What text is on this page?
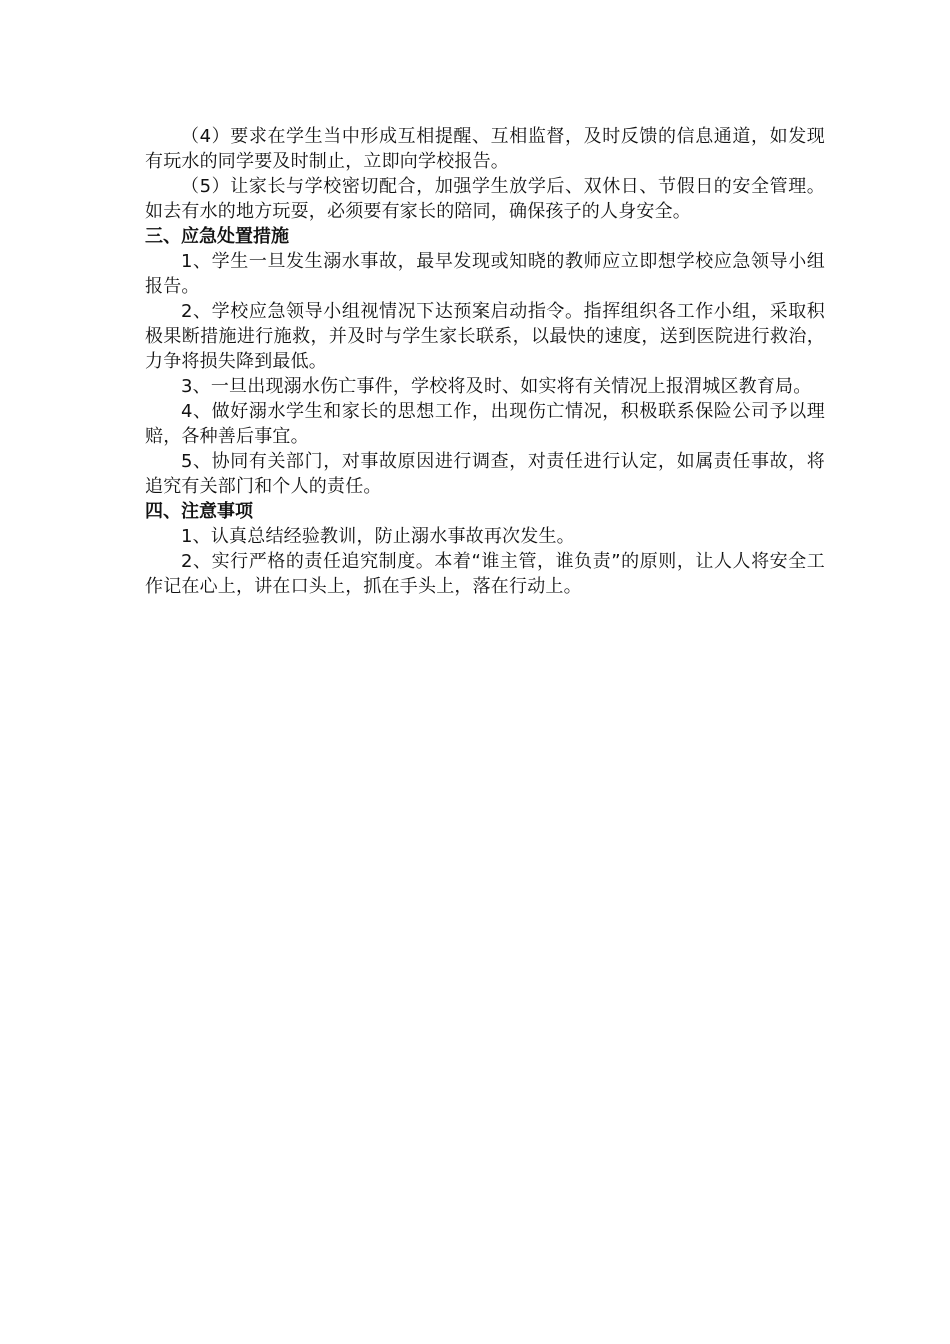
（4）要求在学生当中形成互相提醒、互相监督，及时反馈的信息通道，如发现有玩水的同学要及时制止，立即向学校报告。

（5）让家长与学校密切配合，加强学生放学后、双休日、节假日的安全管理。如去有水的地方玩耍，必须要有家长的陪同，确保孩子的人身安全。

三、应急处置措施

1、学生一旦发生溺水事故，最早发现或知晓的教师应立即想学校应急领导小组报告。

2、学校应急领导小组视情况下达预案启动指令。指挥组织各工作小组，采取积极果断措施进行施救，并及时与学生家长联系，以最快的速度，送到医院进行救治，力争将损失降到最低。

3、一旦出现溺水伤亡事件，学校将及时、如实将有关情况上报渭城区教育局。

4、做好溺水学生和家长的思想工作，出现伤亡情况，积极联系保险公司予以理赔，各种善后事宜。

5、协同有关部门，对事故原因进行调查，对责任进行认定，如属责任事故，将追究有关部门和个人的责任。

四、注意事项

1、认真总结经验教训，防止溺水事故再次发生。

2、实行严格的责任追究制度。本着“谁主管，谁负责”的原则，让人人将安全工作记在心上，讲在口头上，抓在手头上，落在行动上。
